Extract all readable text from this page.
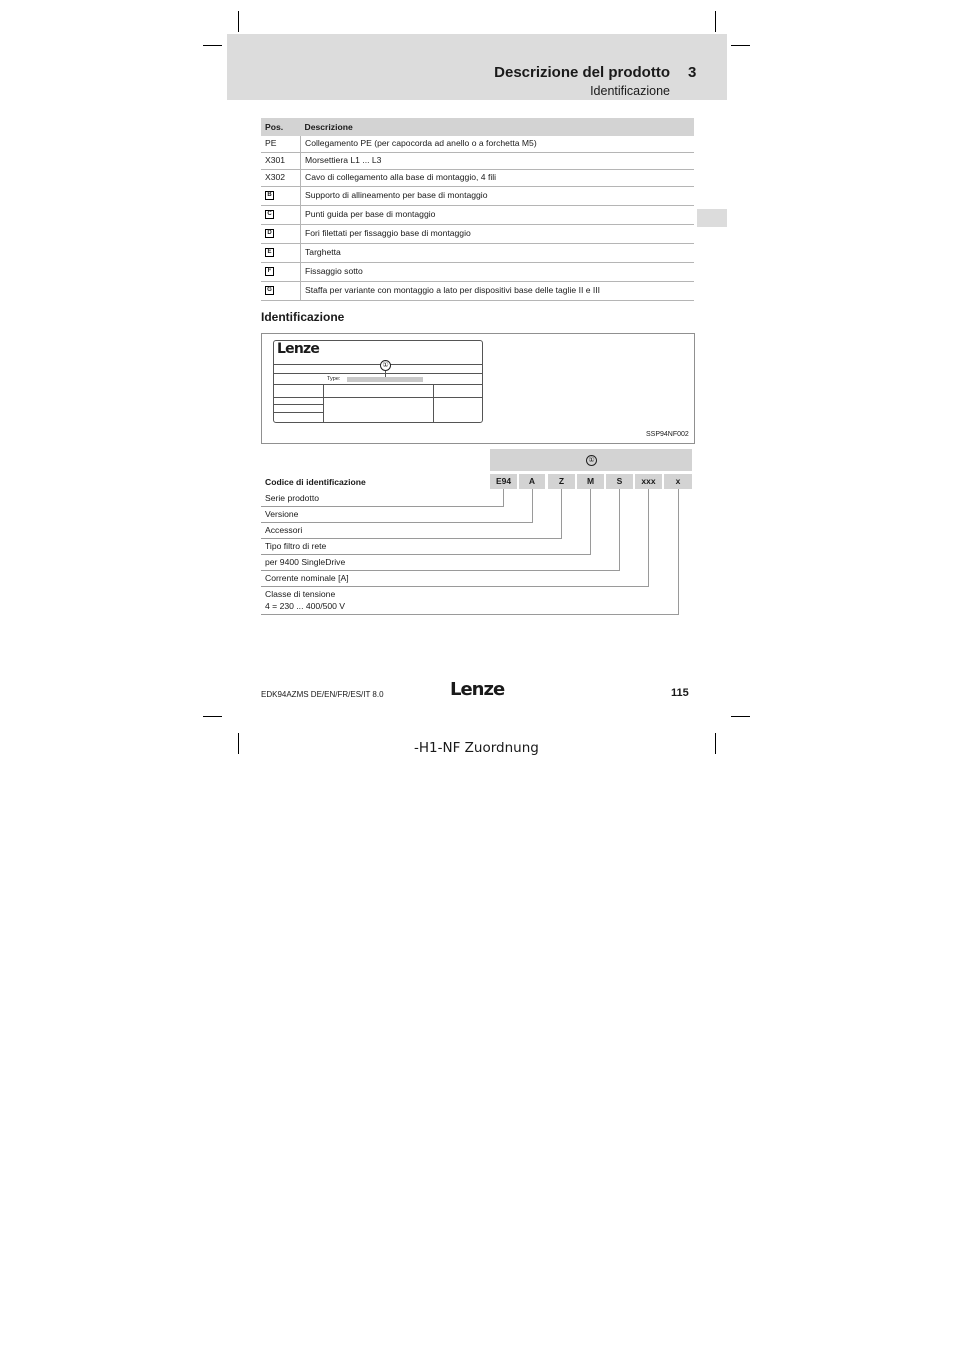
Descrizione del prodotto 3
Identificazione
Pos.	Descrizione
PE	Collegamento PE (per capocorda ad anello o a forchetta M5)
X301	Morsettiera L1 ... L3
X302	Cavo di collegamento alla base di montaggio, 4 fili
B	Supporto di allineamento per base di montaggio
C	Punti guida per base di montaggio
D	Fori filettati per fissaggio base di montaggio
E	Targhetta
F	Fissaggio sotto
G	Staffa per variante con montaggio a lato per dispositivi base delle taglie II e III
Identificazione
Lenze
①
Type:
SSP94NF002
①
E94	A	Z	M	S	xxx	x
Codice di identificazione
Serie prodotto
Versione
Accessori
Tipo filtro di rete
per 9400 SingleDrive
Corrente nominale [A]
Classe di tensione
4 = 230 ... 400/500 V
EDK94AZMS DE/EN/FR/ES/IT 8.0	Lenze	115
-H1-NF Zuordnung
